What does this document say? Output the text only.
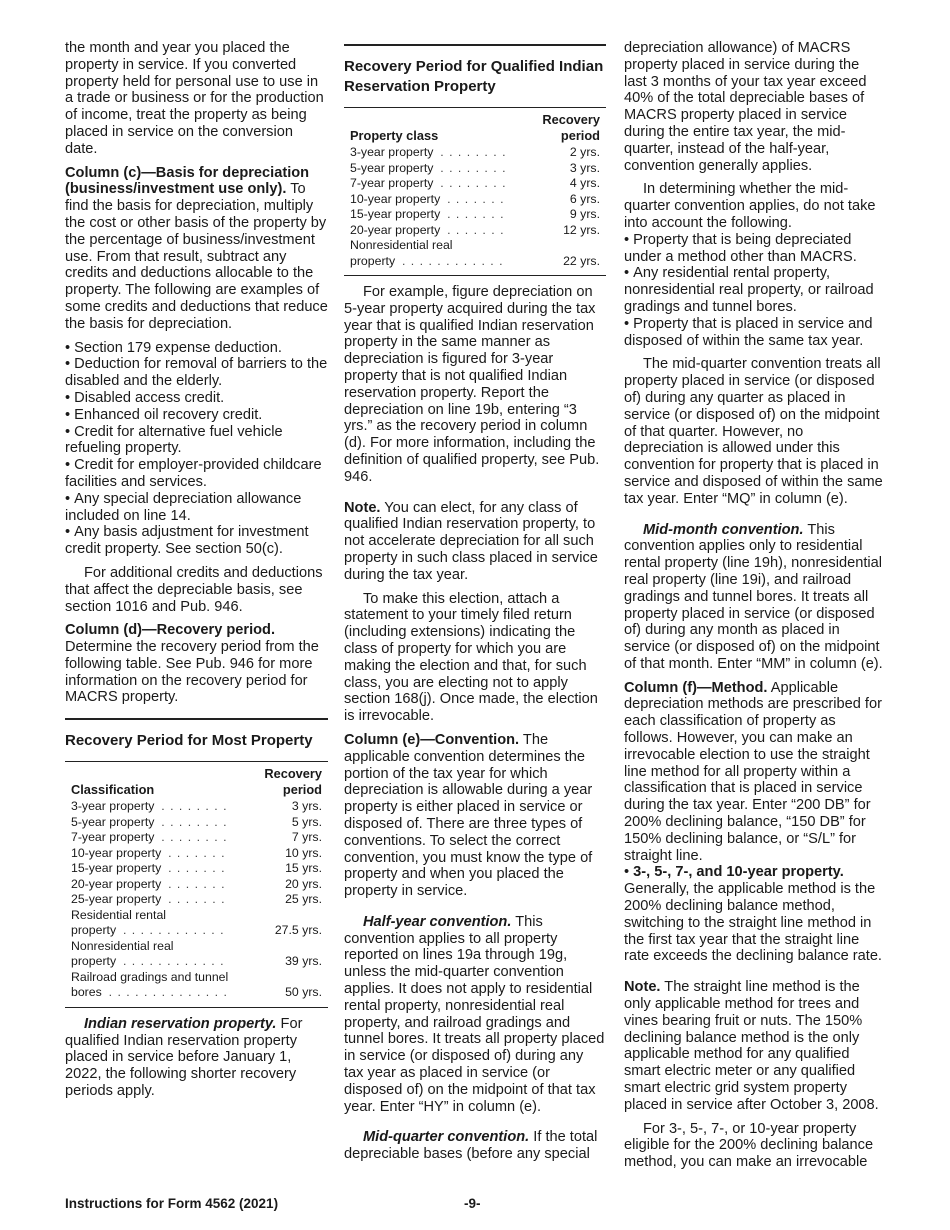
the month and year you placed the property in service. If you converted property held for personal use to use in a trade or business or for the production of income, treat the property as being placed in service on the conversion date.

Column (c)—Basis for depreciation (business/investment use only). To find the basis for depreciation, multiply the cost or other basis of the property by the percentage of business/investment use. From that result, subtract any credits and deductions allocable to the property. The following are examples of some credits and deductions that reduce the basis for depreciation.

• Section 179 expense deduction.
• Deduction for removal of barriers to the disabled and the elderly.
• Disabled access credit.
• Enhanced oil recovery credit.
• Credit for alternative fuel vehicle refueling property.
• Credit for employer-provided childcare facilities and services.
• Any special depreciation allowance included on line 14.
• Any basis adjustment for investment credit property. See section 50(c).

For additional credits and deductions that affect the depreciable basis, see section 1016 and Pub. 946.

Column (d)—Recovery period.
Determine the recovery period from the following table. See Pub. 946 for more information on the recovery period for MACRS property.

Recovery Period for Most Property
Classification	Recovery period
3-year property . . . . . . . .	3 yrs.
5-year property . . . . . . . .	5 yrs.
7-year property . . . . . . . .	7 yrs.
10-year property . . . . . . .	10 yrs.
15-year property . . . . . . .	15 yrs.
20-year property . . . . . . .	20 yrs.
25-year property . . . . . . .	25 yrs.
Residential rental	
property . . . . . . . . . . . .	27.5 yrs.
Nonresidential real	
property . . . . . . . . . . . .	39 yrs.
Railroad gradings and tunnel	
bores . . . . . . . . . . . . . .	50 yrs.

Indian reservation property. For qualified Indian reservation property placed in service before January 1, 2022, the following shorter recovery periods apply.

Recovery Period for Qualified Indian Reservation Property
Property class	Recovery period
3-year property . . . . . . . .	2 yrs.
5-year property . . . . . . . .	3 yrs.
7-year property . . . . . . . .	4 yrs.
10-year property . . . . . . .	6 yrs.
15-year property . . . . . . .	9 yrs.
20-year property . . . . . . .	12 yrs.
Nonresidential real	
property . . . . . . . . . . . .	22 yrs.

For example, figure depreciation on 5-year property acquired during the tax year that is qualified Indian reservation property in the same manner as depreciation is figured for 3-year property that is not qualified Indian reservation property. Report the depreciation on line 19b, entering “3 yrs.” as the recovery period in column (d). For more information, including the definition of qualified property, see Pub. 946.

Note. You can elect, for any class of qualified Indian reservation property, to not accelerate depreciation for all such property in such class placed in service during the tax year.

To make this election, attach a statement to your timely filed return (including extensions) indicating the class of property for which you are making the election and that, for such class, you are electing not to apply section 168(j). Once made, the election is irrevocable.

Column (e)—Convention. The applicable convention determines the portion of the tax year for which depreciation is allowable during a year property is either placed in service or disposed of. There are three types of conventions. To select the correct convention, you must know the type of property and when you placed the property in service.

Half-year convention. This convention applies to all property reported on lines 19a through 19g, unless the mid-quarter convention applies. It does not apply to residential rental property, nonresidential real property, and railroad gradings and tunnel bores. It treats all property placed in service (or disposed of) during any tax year as placed in service (or disposed of) on the midpoint of that tax year. Enter “HY” in column (e).

Mid-quarter convention. If the total depreciable bases (before any special

depreciation allowance) of MACRS property placed in service during the last 3 months of your tax year exceed 40% of the total depreciable bases of MACRS property placed in service during the entire tax year, the mid-quarter, instead of the half-year, convention generally applies.

In determining whether the mid-quarter convention applies, do not take into account the following.

• Property that is being depreciated under a method other than MACRS.
• Any residential rental property, nonresidential real property, or railroad gradings and tunnel bores.
• Property that is placed in service and disposed of within the same tax year.

The mid-quarter convention treats all property placed in service (or disposed of) during any quarter as placed in service (or disposed of) on the midpoint of that quarter. However, no depreciation is allowed under this convention for property that is placed in service and disposed of within the same tax year. Enter “MQ” in column (e).

Mid-month convention. This convention applies only to residential rental property (line 19h), nonresidential real property (line 19i), and railroad gradings and tunnel bores. It treats all property placed in service (or disposed of) during any month as placed in service (or disposed of) on the midpoint of that month. Enter “MM” in column (e).

Column (f)—Method. Applicable depreciation methods are prescribed for each classification of property as follows. However, you can make an irrevocable election to use the straight line method for all property within a classification that is placed in service during the tax year. Enter “200 DB” for 200% declining balance, “150 DB” for 150% declining balance, or “S/L” for straight line.

• 3-, 5-, 7-, and 10-year property. Generally, the applicable method is the 200% declining balance method, switching to the straight line method in the first tax year that the straight line rate exceeds the declining balance rate.

Note. The straight line method is the only applicable method for trees and vines bearing fruit or nuts. The 150% declining balance method is the only applicable method for any qualified smart electric meter or any qualified smart electric grid system property placed in service after October 3, 2008.

For 3-, 5-, 7-, or 10-year property eligible for the 200% declining balance method, you can make an irrevocable

Instructions for Form 4562 (2021)	-9-
